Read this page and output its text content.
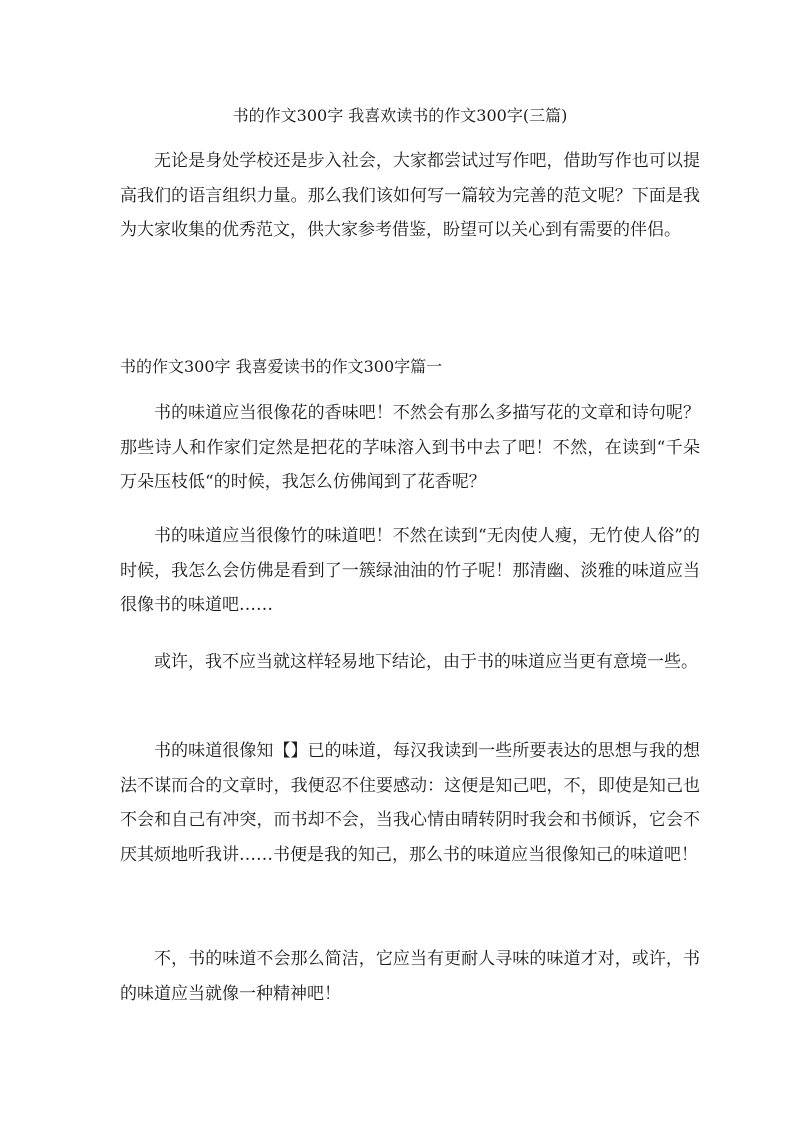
书的作文300字 我喜欢读书的作文300字(三篇)

无论是身处学校还是步入社会，大家都尝试过写作吧，借助写作也可以提高我们的语言组织力量。那么我们该如何写一篇较为完善的范文呢？下面是我为大家收集的优秀范文，供大家参考借鉴，盼望可以关心到有需要的伴侣。

书的作文300字 我喜爱读书的作文300字篇一

书的味道应当很像花的香味吧！不然会有那么多描写花的文章和诗句呢？那些诗人和作家们定然是把花的芓味溶入到书中去了吧！不然，在读到“千朵万朵压枝低“的时候，我怎么仿佛闻到了花香呢？

书的味道应当很像竹的味道吧！不然在读到“无肉使人瘦，无竹使人俗”的时候，我怎么会仿佛是看到了一簇绿油油的竹子呢！那清幽、淡雅的味道应当很像书的味道吧……

或许，我不应当就这样轻易地下结论，由于书的味道应当更有意境一些。

书的味道很像知【】已的味道，每汉我读到一些所要表达的思想与我的想法不谋而合的文章时，我便忍不住要感动：这便是知己吧，不，即使是知己也不会和自己有冲突，而书却不会，当我心情由晴转阴时我会和书倾诉，它会不厌其烦地听我讲……书便是我的知己，那么书的味道应当很像知己的味道吧！

不，书的味道不会那么简洁，它应当有更耐人寻味的味道才对，或许，书的味道应当就像一种精神吧！
